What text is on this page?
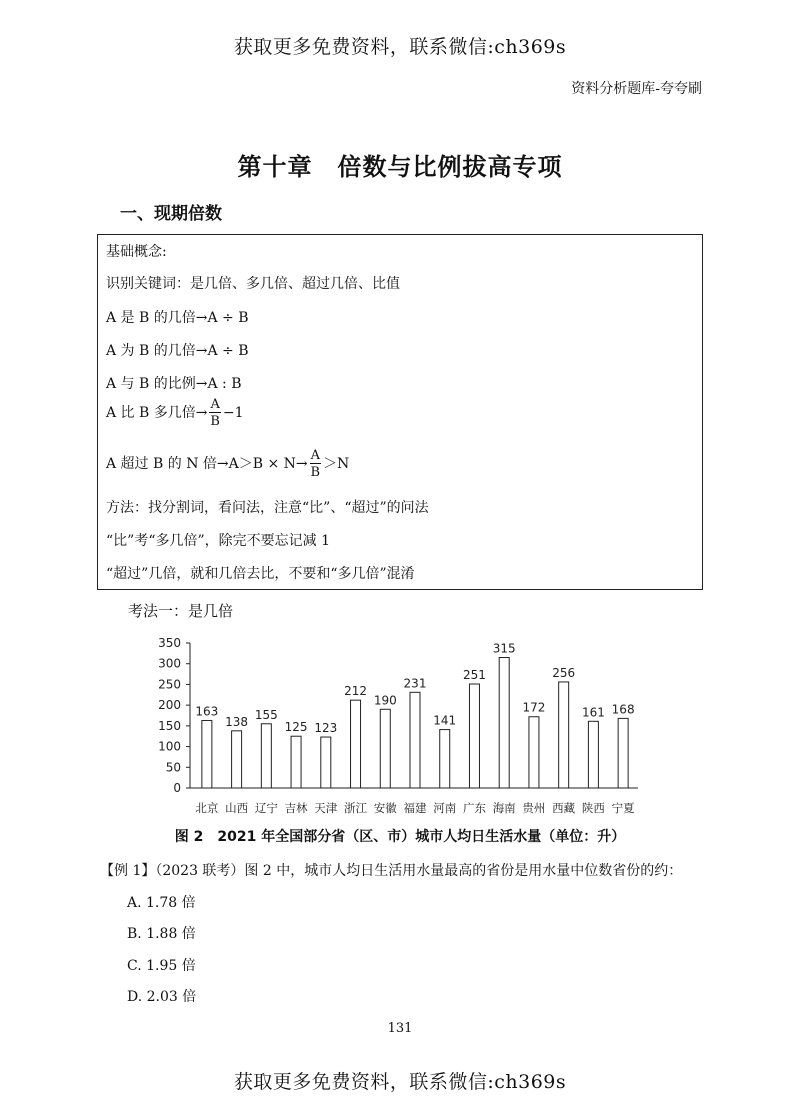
获取更多免费资料，联系微信:ch369s
资料分析题库-夸夸刷
第十章　倍数与比例拔高专项
一、现期倍数
基础概念:
识别关键词：是几倍、多几倍、超过几倍、比值
A 是 B 的几倍→A ÷ B
A 为 B 的几倍→A ÷ B
A 与 B 的比例→A : B
A 比 B 多几倍→ $\frac{A}{B} -1$
A 超过 B 的 N 倍$\to A>B \times N\to \frac{A}{B} >N$
方法：找分割词，看问法，注意“比”、“超过”的问法
“比”考“多几倍”，除完不要忘记减 1
“超过”几倍，就和几倍去比，不要和“多几倍”混淆
考法一：是几倍
0
50
100
150
200
250
300
350
163
北京
138
山西
155
辽宁
125
吉林
123
天津
212
浙江
190
安徽
231
福建
141
河南
251
广东
315
海南
172
贵州
256
西藏
161
陕西
168
宁夏
图 2　2021 年全国部分省（区、市）城市人均日生活水量（单位：升）
【例 1】（2023 联考）图 2 中，城市人均日生活用水量最高的省份是用水量中位数省份的约：
A. 1.78 倍
B. 1.88 倍
C. 1.95 倍
D. 2.03 倍
131
获取更多免费资料，联系微信:ch369s
